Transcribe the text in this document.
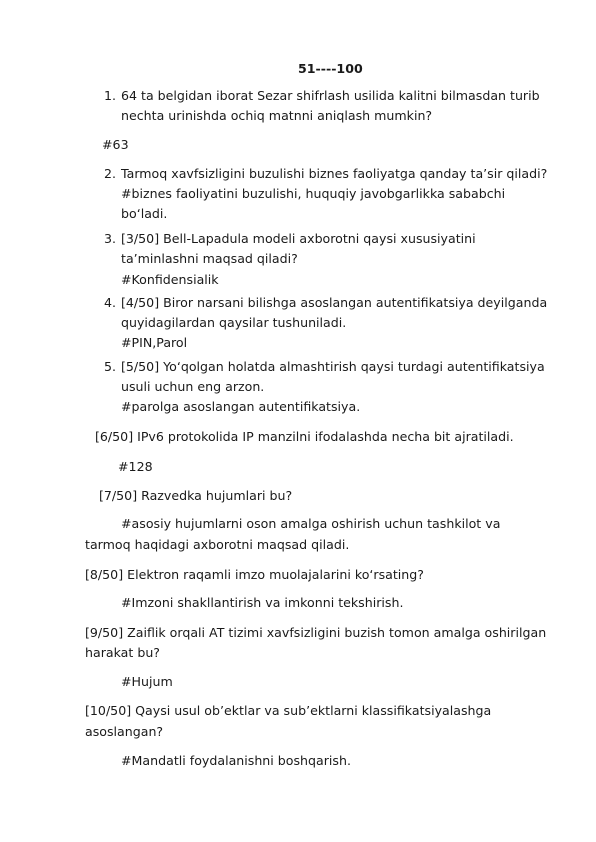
51----100
1. 64 ta belgidan iborat Sezar shifrlash usilida kalitni bilmasdan turib
nechta urinishda ochiq matnni aniqlash mumkin?
#63
2. Tarmoq xavfsizligini buzulishi biznes faoliyatga qanday ta’sir qiladi?
#biznes faoliyatini buzulishi, huquqiy javobgarlikka sababchi
bo‘ladi.
3. [3/50] Bell-Lapadula modeli axborotni qaysi xususiyatini
ta’minlashni maqsad qiladi?
#Konfidensialik
4. [4/50] Biror narsani bilishga asoslangan autentifikatsiya deyilganda
quyidagilardan qaysilar tushuniladi.
#PIN,Parol
5. [5/50] Yo‘qolgan holatda almashtirish qaysi turdagi autentifikatsiya
usuli uchun eng arzon.
#parolga asoslangan autentifikatsiya.
[6/50] IPv6 protokolida IP manzilni ifodalashda necha bit ajratiladi.
#128
[7/50] Razvedka hujumlari bu?
#asosiy hujumlarni oson amalga oshirish uchun tashkilot va
tarmoq haqidagi axborotni maqsad qiladi.
[8/50] Elektron raqamli imzo muolajalarini ko‘rsating?
#Imzoni shakllantirish va imkonni tekshirish.
[9/50] Zaiflik orqali AT tizimi xavfsizligini buzish tomon amalga oshirilgan
harakat bu?
#Hujum
[10/50] Qaysi usul ob’ektlar va sub’ektlarni klassifikatsiyalashga
asoslangan?
#Mandatli foydalanishni boshqarish.
